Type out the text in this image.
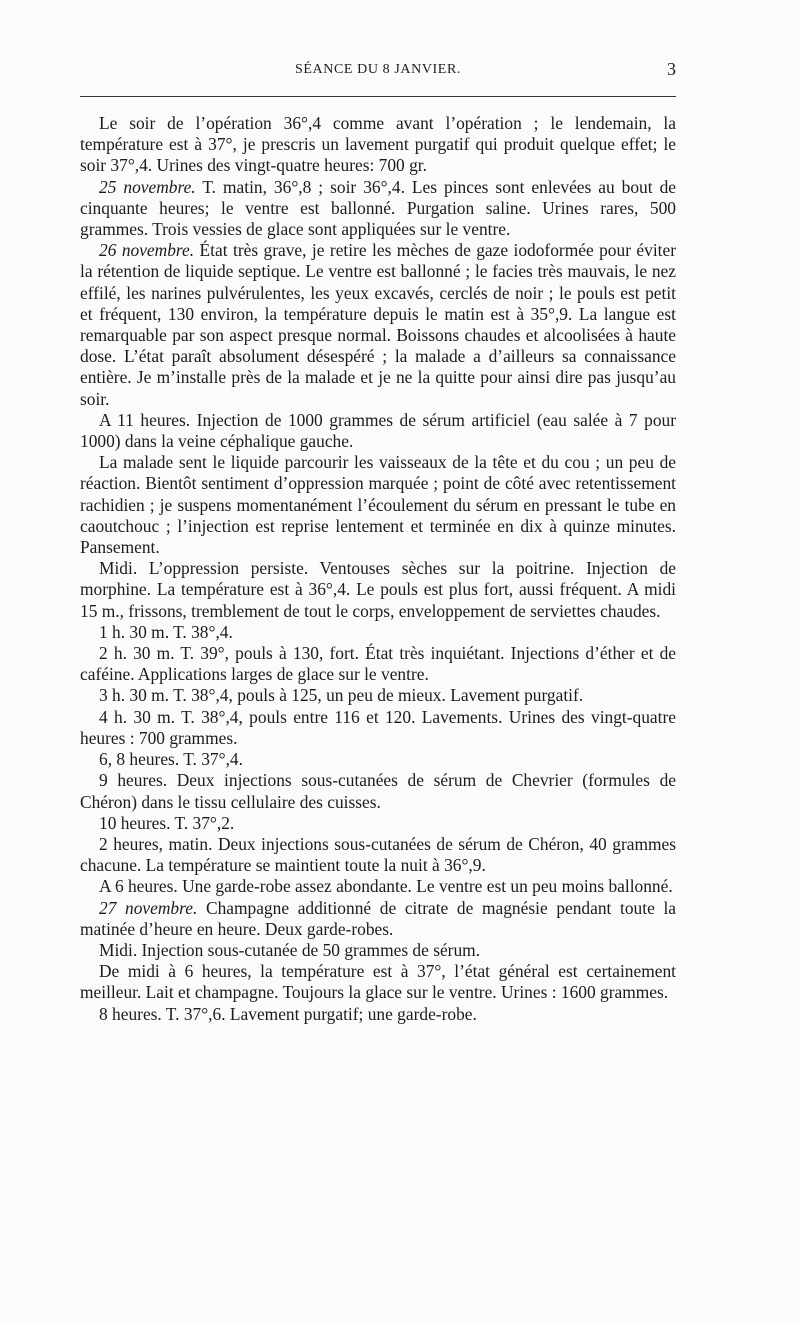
SÉANCE DU 8 JANVIER.	3

Le soir de l’opération 36°,4 comme avant l’opération ; le lendemain, la température est à 37°, je prescris un lavement purgatif qui produit quelque effet; le soir 37°,4. Urines des vingt-quatre heures: 700 gr.

25 novembre. T. matin, 36°,8 ; soir 36°,4. Les pinces sont enlevées au bout de cinquante heures; le ventre est ballonné. Purgation saline. Urines rares, 500 grammes. Trois vessies de glace sont appliquées sur le ventre.

26 novembre. État très grave, je retire les mèches de gaze iodoformée pour éviter la rétention de liquide septique. Le ventre est ballonné ; le facies très mauvais, le nez effilé, les narines pulvérulentes, les yeux excavés, cerclés de noir ; le pouls est petit et fréquent, 130 environ, la température depuis le matin est à 35°,9. La langue est remarquable par son aspect presque normal. Boissons chaudes et alcoolisées à haute dose. L’état paraît absolument désespéré ; la malade a d’ailleurs sa connaissance entière. Je m’installe près de la malade et je ne la quitte pour ainsi dire pas jusqu’au soir.

A 11 heures. Injection de 1000 grammes de sérum artificiel (eau salée à 7 pour 1000) dans la veine céphalique gauche.

La malade sent le liquide parcourir les vaisseaux de la tête et du cou ; un peu de réaction. Bientôt sentiment d’oppression marquée ; point de côté avec retentissement rachidien ; je suspens momentanément l’écoulement du sérum en pressant le tube en caoutchouc ; l’injection est reprise lentement et terminée en dix à quinze minutes. Pansement.

Midi. L’oppression persiste. Ventouses sèches sur la poitrine. Injection de morphine. La température est à 36°,4. Le pouls est plus fort, aussi fréquent. A midi 15 m., frissons, tremblement de tout le corps, enveloppement de serviettes chaudes.

1 h. 30 m. T. 38°,4.

2 h. 30 m. T. 39°, pouls à 130, fort. État très inquiétant. Injections d’éther et de caféine. Applications larges de glace sur le ventre.

3 h. 30 m. T. 38°,4, pouls à 125, un peu de mieux. Lavement purgatif.

4 h. 30 m. T. 38°,4, pouls entre 116 et 120. Lavements. Urines des vingt-quatre heures : 700 grammes.

6, 8 heures. T. 37°,4.

9 heures. Deux injections sous-cutanées de sérum de Chevrier (formules de Chéron) dans le tissu cellulaire des cuisses.

10 heures. T. 37°,2.

2 heures, matin. Deux injections sous-cutanées de sérum de Chéron, 40 grammes chacune. La température se maintient toute la nuit à 36°,9.

A 6 heures. Une garde-robe assez abondante. Le ventre est un peu moins ballonné.

27 novembre. Champagne additionné de citrate de magnésie pendant toute la matinée d’heure en heure. Deux garde-robes.

Midi. Injection sous-cutanée de 50 grammes de sérum.

De midi à 6 heures, la température est à 37°, l’état général est certainement meilleur. Lait et champagne. Toujours la glace sur le ventre. Urines : 1600 grammes.

8 heures. T. 37°,6. Lavement purgatif; une garde-robe.
